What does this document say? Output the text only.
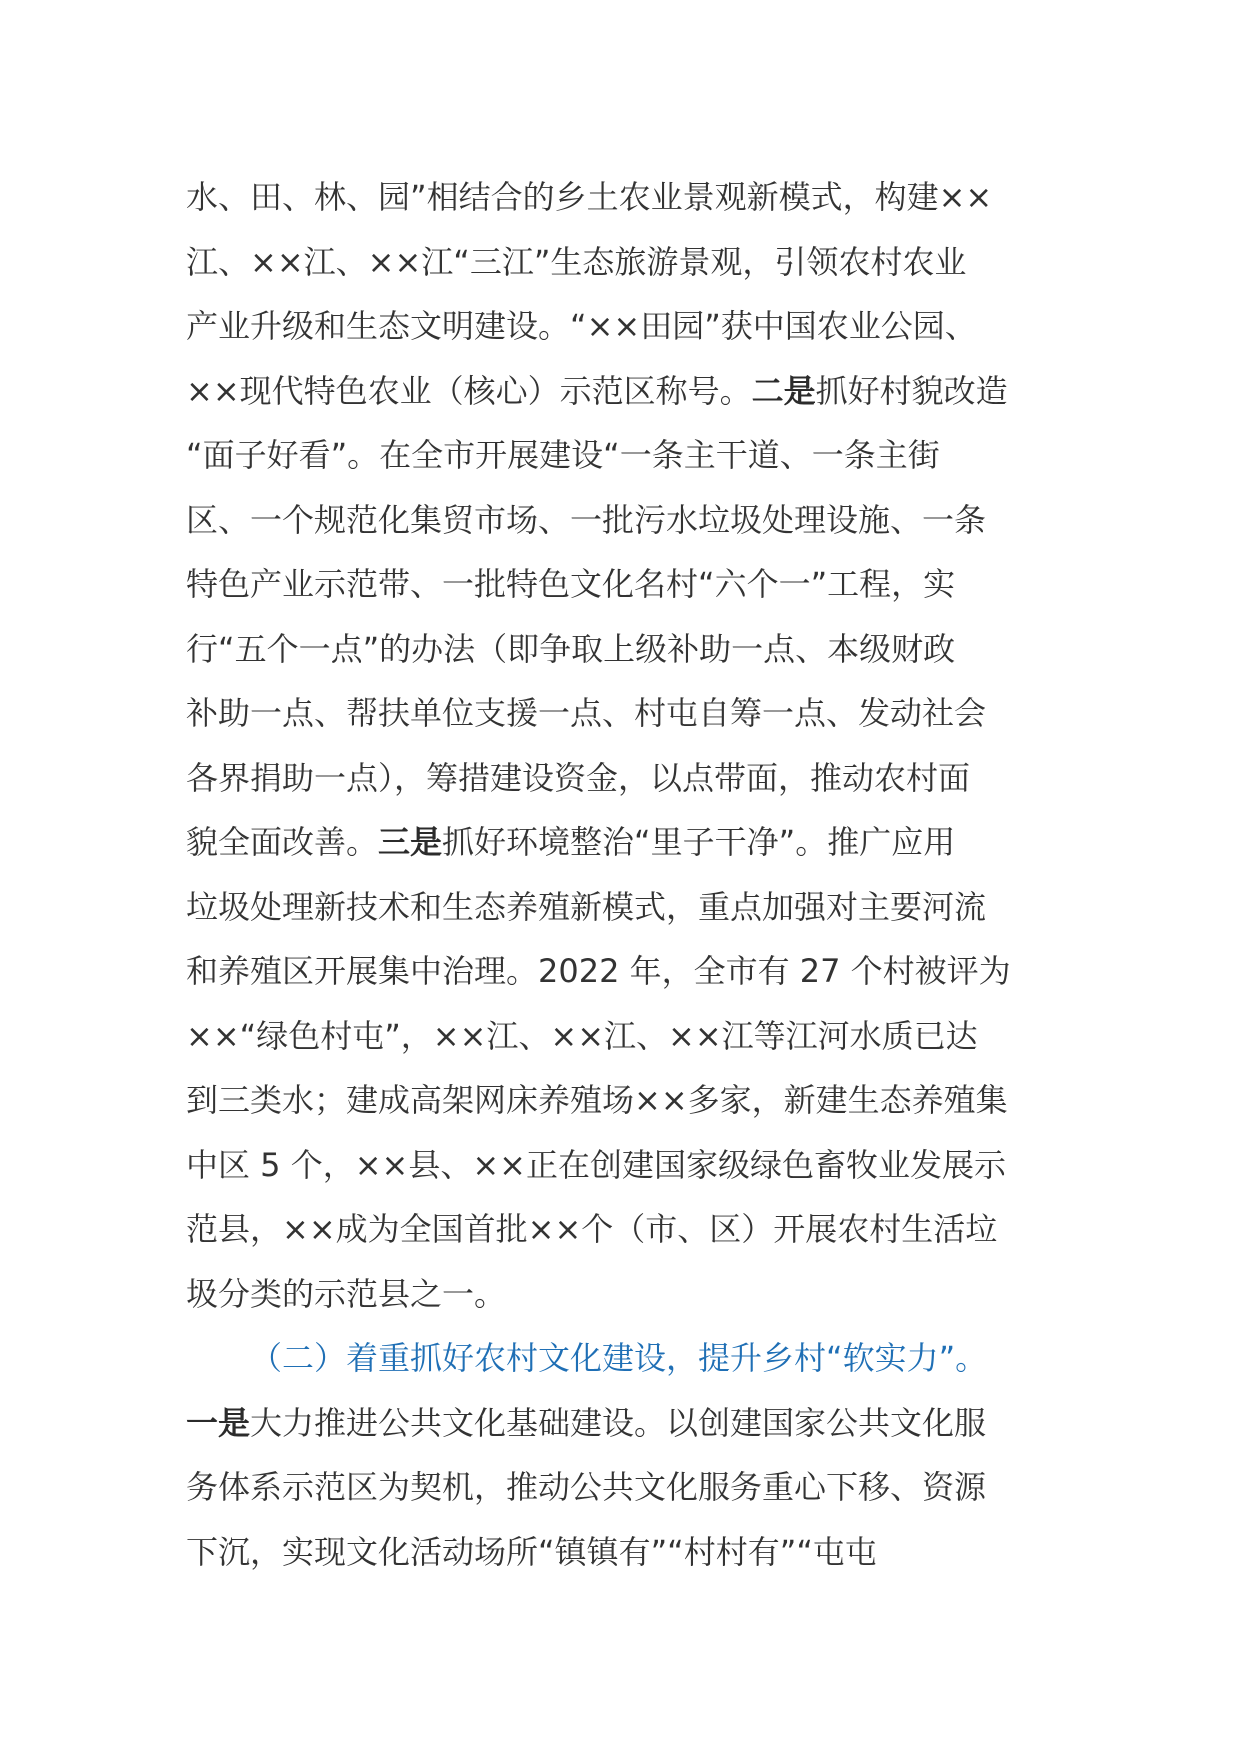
水、田、林、园”相结合的乡土农业景观新模式，构建××
江、××江、××江“三江”生态旅游景观，引领农村农业
产业升级和生态文明建设。“××田园”获中国农业公园、
××现代特色农业（核心）示范区称号。二是抓好村貌改造
“面子好看”。在全市开展建设“一条主干道、一条主街
区、一个规范化集贸市场、一批污水垃圾处理设施、一条
特色产业示范带、一批特色文化名村“六个一”工程，实
行“五个一点”的办法（即争取上级补助一点、本级财政
补助一点、帮扶单位支援一点、村屯自筹一点、发动社会
各界捐助一点），筹措建设资金，以点带面，推动农村面
貌全面改善。三是抓好环境整治“里子干净”。推广应用
垃圾处理新技术和生态养殖新模式，重点加强对主要河流
和养殖区开展集中治理。2022 年，全市有 27 个村被评为
××“绿色村屯”，××江、××江、××江等江河水质已达
到三类水；建成高架网床养殖场××多家，新建生态养殖集
中区 5 个，××县、××正在创建国家级绿色畜牧业发展示
范县，××成为全国首批××个（市、区）开展农村生活垃
圾分类的示范县之一。
（二）着重抓好农村文化建设，提升乡村“软实力”。
一是大力推进公共文化基础建设。以创建国家公共文化服
务体系示范区为契机，推动公共文化服务重心下移、资源
下沉，实现文化活动场所“镇镇有”“村村有”“屯屯
